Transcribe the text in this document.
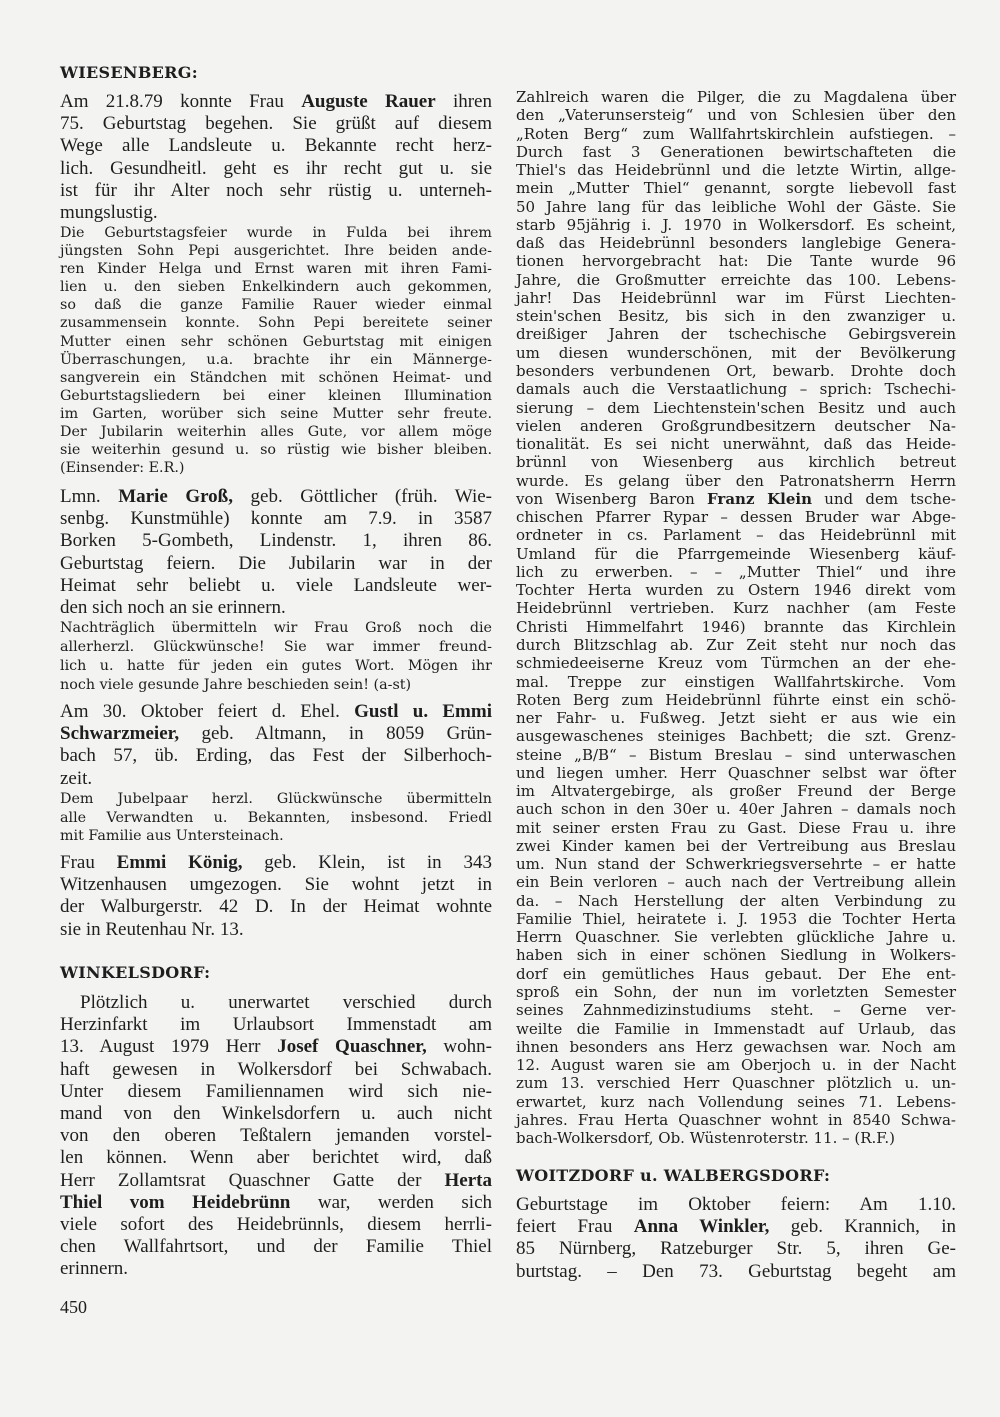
WIESENBERG:
WINKELSDORF:
WOITZDORF u. WALBERGSDORF:
Am 21.8.79 konnte Frau Auguste Rauer ihren
75. Geburtstag begehen. Sie grüßt auf diesem
Wege alle Landsleute u. Bekannte recht herz-
lich. Gesundheitl. geht es ihr recht gut u. sie
ist für ihr Alter noch sehr rüstig u. unterneh-
mungslustig.
Die Geburtstagsfeier wurde in Fulda bei ihrem
jüngsten Sohn Pepi ausgerichtet. Ihre beiden ande-
ren Kinder Helga und Ernst waren mit ihren Fami-
lien u. den sieben Enkelkindern auch gekommen,
so daß die ganze Familie Rauer wieder einmal
zusammensein konnte. Sohn Pepi bereitete seiner
Mutter einen sehr schönen Geburtstag mit einigen
Überraschungen, u.a. brachte ihr ein Männerge-
sangverein ein Ständchen mit schönen Heimat- und
Geburtstagsliedern bei einer kleinen Illumination
im Garten, worüber sich seine Mutter sehr freute.
Der Jubilarin weiterhin alles Gute, vor allem möge
sie weiterhin gesund u. so rüstig wie bisher bleiben.
(Einsender: E.R.)
Lmn. Marie Groß, geb. Göttlicher (früh. Wie-
senbg. Kunstmühle) konnte am 7.9. in 3587
Borken 5-Gombeth, Lindenstr. 1, ihren 86.
Geburtstag feiern. Die Jubilarin war in der
Heimat sehr beliebt u. viele Landsleute wer-
den sich noch an sie erinnern.
Nachträglich übermitteln wir Frau Groß noch die
allerherzl. Glückwünsche! Sie war immer freund-
lich u. hatte für jeden ein gutes Wort. Mögen ihr
noch viele gesunde Jahre beschieden sein! (a-st)
Am 30. Oktober feiert d. Ehel. Gustl u. Emmi
Schwarzmeier, geb. Altmann, in 8059 Grün-
bach 57, üb. Erding, das Fest der Silberhoch-
zeit.
Dem Jubelpaar herzl. Glückwünsche übermitteln
alle Verwandten u. Bekannten, insbesond. Friedl
mit Familie aus Untersteinach.
Frau Emmi König, geb. Klein, ist in 343
Witzenhausen umgezogen. Sie wohnt jetzt in
der Walburgerstr. 42 D. In der Heimat wohnte
sie in Reutenhau Nr. 13.
Plötzlich u. unerwartet verschied durch
Herzinfarkt im Urlaubsort Immenstadt am
13. August 1979 Herr Josef Quaschner, wohn-
haft gewesen in Wolkersdorf bei Schwabach.
Unter diesem Familiennamen wird sich nie-
mand von den Winkelsdorfern u. auch nicht
von den oberen Teßtalern jemanden vorstel-
len können. Wenn aber berichtet wird, daß
Herr Zollamtsrat Quaschner Gatte der Herta
Thiel vom Heidebrünn war, werden sich
viele sofort des Heidebrünnls, diesem herrli-
chen Wallfahrtsort, und der Familie Thiel
erinnern.
Zahlreich waren die Pilger, die zu Magdalena über
den „Vaterunsersteig“ und von Schlesien über den
„Roten Berg“ zum Wallfahrtskirchlein aufstiegen. –
Durch fast 3 Generationen bewirtschafteten die
Thiel's das Heidebrünnl und die letzte Wirtin, allge-
mein „Mutter Thiel“ genannt, sorgte liebevoll fast
50 Jahre lang für das leibliche Wohl der Gäste. Sie
starb 95jährig i. J. 1970 in Wolkersdorf. Es scheint,
daß das Heidebrünnl besonders langlebige Genera-
tionen hervorgebracht hat: Die Tante wurde 96
Jahre, die Großmutter erreichte das 100. Lebens-
jahr! Das Heidebrünnl war im Fürst Liechten-
stein'schen Besitz, bis sich in den zwanziger u.
dreißiger Jahren der tschechische Gebirgsverein
um diesen wunderschönen, mit der Bevölkerung
besonders verbundenen Ort, bewarb. Drohte doch
damals auch die Verstaatlichung – sprich: Tschechi-
sierung – dem Liechtenstein'schen Besitz und auch
vielen anderen Großgrundbesitzern deutscher Na-
tionalität. Es sei nicht unerwähnt, daß das Heide-
brünnl von Wiesenberg aus kirchlich betreut
wurde. Es gelang über den Patronatsherrn Herrn
von Wisenberg Baron Franz Klein und dem tsche-
chischen Pfarrer Rypar – dessen Bruder war Abge-
ordneter in cs. Parlament – das Heidebrünnl mit
Umland für die Pfarrgemeinde Wiesenberg käuf-
lich zu erwerben. – – „Mutter Thiel“ und ihre
Tochter Herta wurden zu Ostern 1946 direkt vom
Heidebrünnl vertrieben. Kurz nachher (am Feste
Christi Himmelfahrt 1946) brannte das Kirchlein
durch Blitzschlag ab. Zur Zeit steht nur noch das
schmiedeeiserne Kreuz vom Türmchen an der ehe-
mal. Treppe zur einstigen Wallfahrtskirche. Vom
Roten Berg zum Heidebrünnl führte einst ein schö-
ner Fahr- u. Fußweg. Jetzt sieht er aus wie ein
ausgewaschenes steiniges Bachbett; die szt. Grenz-
steine „B/B“ – Bistum Breslau – sind unterwaschen
und liegen umher. Herr Quaschner selbst war öfter
im Altvatergebirge, als großer Freund der Berge
auch schon in den 30er u. 40er Jahren – damals noch
mit seiner ersten Frau zu Gast. Diese Frau u. ihre
zwei Kinder kamen bei der Vertreibung aus Breslau
um. Nun stand der Schwerkriegsversehrte – er hatte
ein Bein verloren – auch nach der Vertreibung allein
da. – Nach Herstellung der alten Verbindung zu
Familie Thiel, heiratete i. J. 1953 die Tochter Herta
Herrn Quaschner. Sie verlebten glückliche Jahre u.
haben sich in einer schönen Siedlung in Wolkers-
dorf ein gemütliches Haus gebaut. Der Ehe ent-
sproß ein Sohn, der nun im vorletzten Semester
seines Zahnmedizinstudiums steht. – Gerne ver-
weilte die Familie in Immenstadt auf Urlaub, das
ihnen besonders ans Herz gewachsen war. Noch am
12. August waren sie am Oberjoch u. in der Nacht
zum 13. verschied Herr Quaschner plötzlich u. un-
erwartet, kurz nach Vollendung seines 71. Lebens-
jahres. Frau Herta Quaschner wohnt in 8540 Schwa-
bach-Wolkersdorf, Ob. Wüstenroterstr. 11. – (R.F.)
Geburtstage im Oktober feiern: Am 1.10.
feiert Frau Anna Winkler, geb. Krannich, in
85 Nürnberg, Ratzeburger Str. 5, ihren Ge-
burtstag. – Den 73. Geburtstag begeht am
450
